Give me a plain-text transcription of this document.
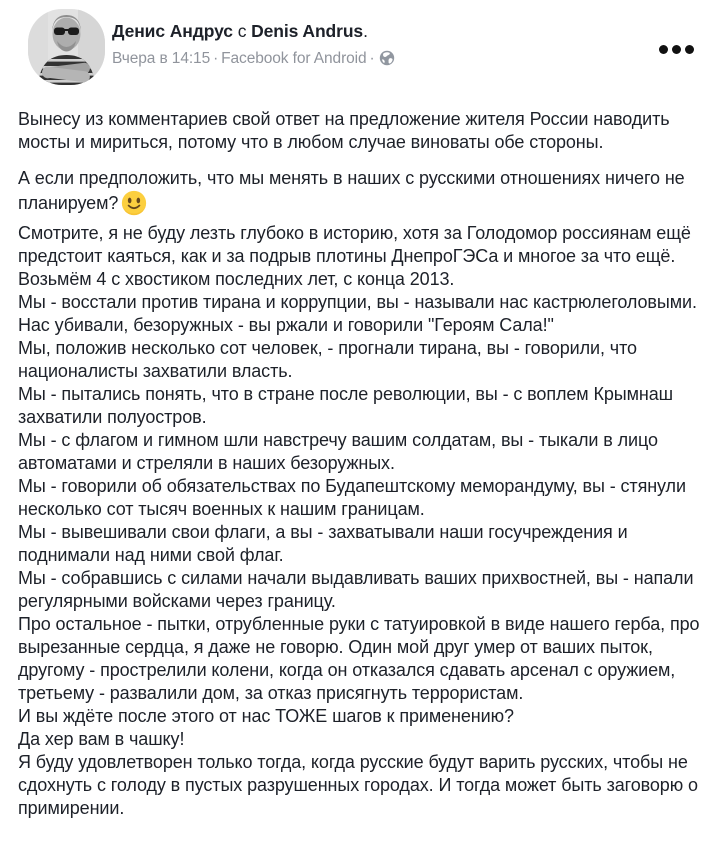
Денис Андрус с Denis Andrus.
Вчера в 14:15 · Facebook for Android ·

Вынесу из комментариев свой ответ на предложение жителя России наводить мосты и мириться, потому что в любом случае виноваты обе стороны.

А если предположить, что мы менять в наших с русскими отношениях ничего не планируем?
Смотрите, я не буду лезть глубоко в историю, хотя за Голодомор россиянам ещё предстоит каяться, как и за подрыв плотины ДнепроГЭСа и многое за что ещё.
Возьмём 4 с хвостиком последних лет, с конца 2013.
Мы - восстали против тирана и коррупции, вы - называли нас кастрюлеголовыми.
Нас убивали, безоружных - вы ржали и говорили "Героям Сала!"
Мы, положив несколько сот человек, - прогнали тирана, вы - говорили, что националисты захватили власть.
Мы - пытались понять, что в стране после революции, вы - с воплем Крымнаш захватили полуостров.
Мы - с флагом и гимном шли навстречу вашим солдатам, вы - тыкали в лицо автоматами и стреляли в наших безоружных.
Мы - говорили об обязательствах по Будапештскому меморандуму, вы - стянули несколько сот тысяч военных к нашим границам.
Мы - вывешивали свои флаги, а вы - захватывали наши госучреждения и поднимали над ними свой флаг.
Мы - собравшись с силами начали выдавливать ваших прихвостней, вы - напали регулярными войсками через границу.
Про остальное - пытки, отрубленные руки с татуировкой в виде нашего герба, про вырезанные сердца, я даже не говорю. Один мой друг умер от ваших пыток, другому - прострелили колени, когда он отказался сдавать арсенал с оружием, третьему - развалили дом, за отказ присягнуть террористам.
И вы ждёте после этого от нас ТОЖЕ шагов к применению?
Да хер вам в чашку!
Я буду удовлетворен только тогда, когда русские будут варить русских, чтобы не сдохнуть с голоду в пустых разрушенных городах. И тогда может быть заговорю о примирении.
